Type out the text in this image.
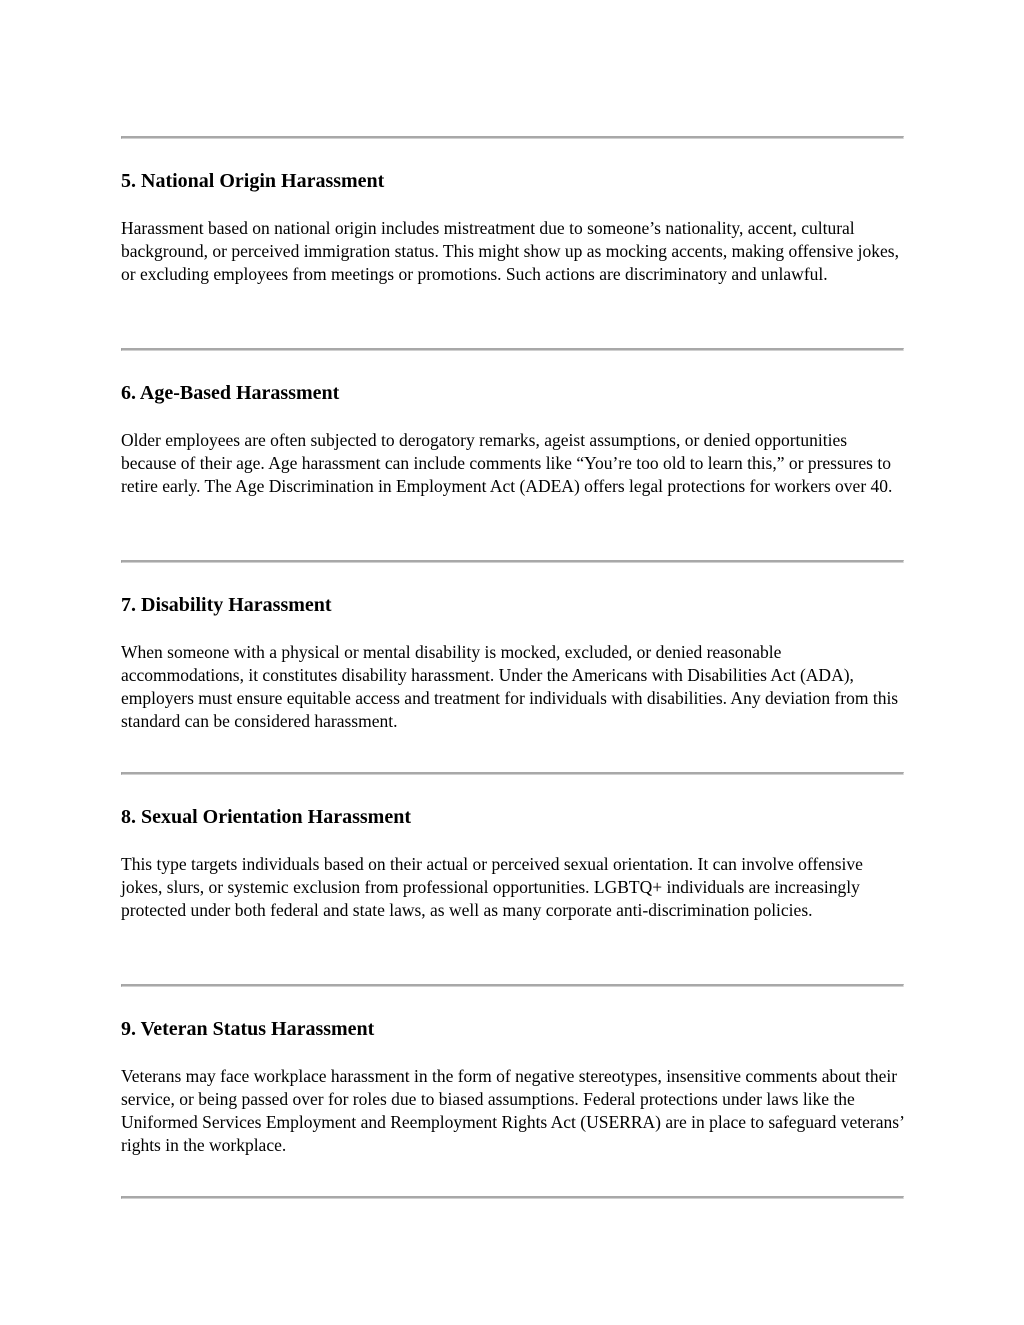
5. National Origin Harassment

Harassment based on national origin includes mistreatment due to someone’s nationality, accent, cultural background, or perceived immigration status. This might show up as mocking accents, making offensive jokes, or excluding employees from meetings or promotions. Such actions are discriminatory and unlawful.

6. Age-Based Harassment

Older employees are often subjected to derogatory remarks, ageist assumptions, or denied opportunities because of their age. Age harassment can include comments like “You’re too old to learn this,” or pressures to retire early. The Age Discrimination in Employment Act (ADEA) offers legal protections for workers over 40.

7. Disability Harassment

When someone with a physical or mental disability is mocked, excluded, or denied reasonable accommodations, it constitutes disability harassment. Under the Americans with Disabilities Act (ADA), employers must ensure equitable access and treatment for individuals with disabilities. Any deviation from this standard can be considered harassment.

8. Sexual Orientation Harassment

This type targets individuals based on their actual or perceived sexual orientation. It can involve offensive jokes, slurs, or systemic exclusion from professional opportunities. LGBTQ+ individuals are increasingly protected under both federal and state laws, as well as many corporate anti-discrimination policies.

9. Veteran Status Harassment

Veterans may face workplace harassment in the form of negative stereotypes, insensitive comments about their service, or being passed over for roles due to biased assumptions. Federal protections under laws like the Uniformed Services Employment and Reemployment Rights Act (USERRA) are in place to safeguard veterans’ rights in the workplace.
